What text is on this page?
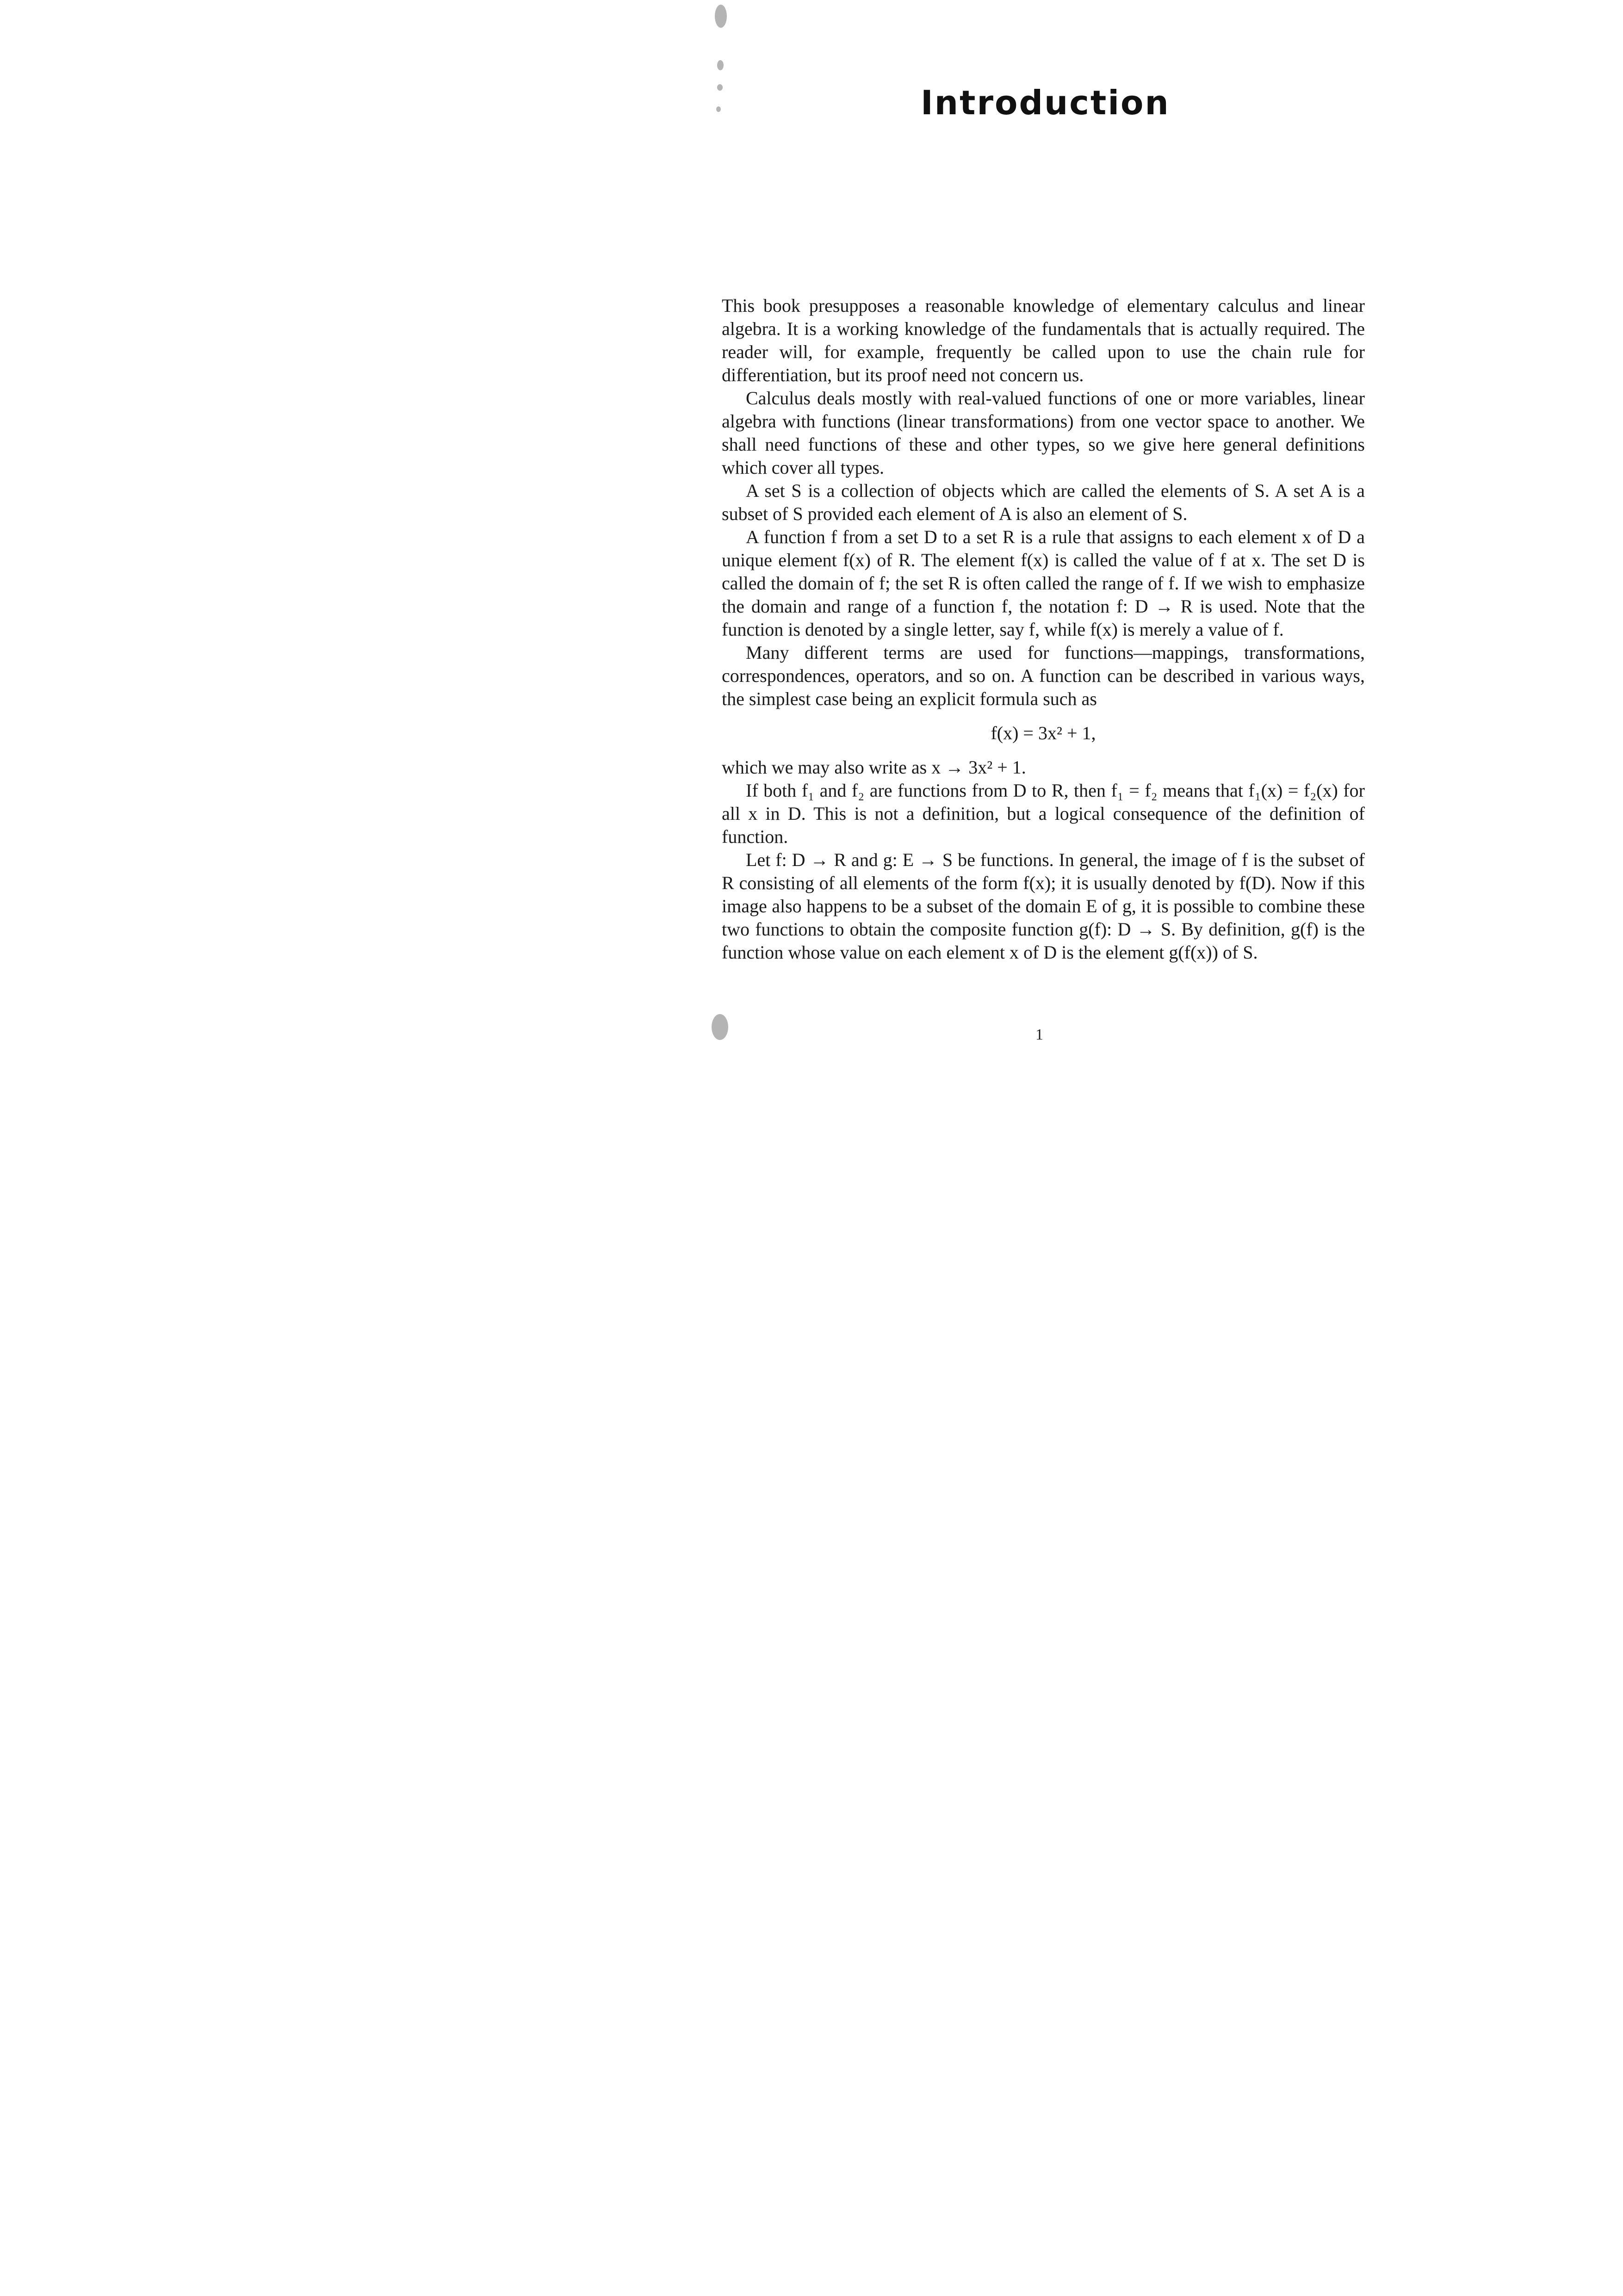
Introduction

This book presupposes a reasonable knowledge of elementary calculus and linear algebra. It is a working knowledge of the fundamentals that is actually required. The reader will, for example, frequently be called upon to use the chain rule for differentiation, but its proof need not concern us.

Calculus deals mostly with real-valued functions of one or more variables, linear algebra with functions (linear transformations) from one vector space to another. We shall need functions of these and other types, so we give here general definitions which cover all types.

A set S is a collection of objects which are called the elements of S. A set A is a subset of S provided each element of A is also an element of S.

A function f from a set D to a set R is a rule that assigns to each element x of D a unique element f(x) of R. The element f(x) is called the value of f at x. The set D is called the domain of f; the set R is often called the range of f. If we wish to emphasize the domain and range of a function f, the notation f: D → R is used. Note that the function is denoted by a single letter, say f, while f(x) is merely a value of f.

Many different terms are used for functions—mappings, transformations, correspondences, operators, and so on. A function can be described in various ways, the simplest case being an explicit formula such as

f(x) = 3x² + 1,

which we may also write as x → 3x² + 1.

If both f₁ and f₂ are functions from D to R, then f₁ = f₂ means that f₁(x) = f₂(x) for all x in D. This is not a definition, but a logical consequence of the definition of function.

Let f: D → R and g: E → S be functions. In general, the image of f is the subset of R consisting of all elements of the form f(x); it is usually denoted by f(D). Now if this image also happens to be a subset of the domain E of g, it is possible to combine these two functions to obtain the composite function g(f): D → S. By definition, g(f) is the function whose value on each element x of D is the element g(f(x)) of S.

1
